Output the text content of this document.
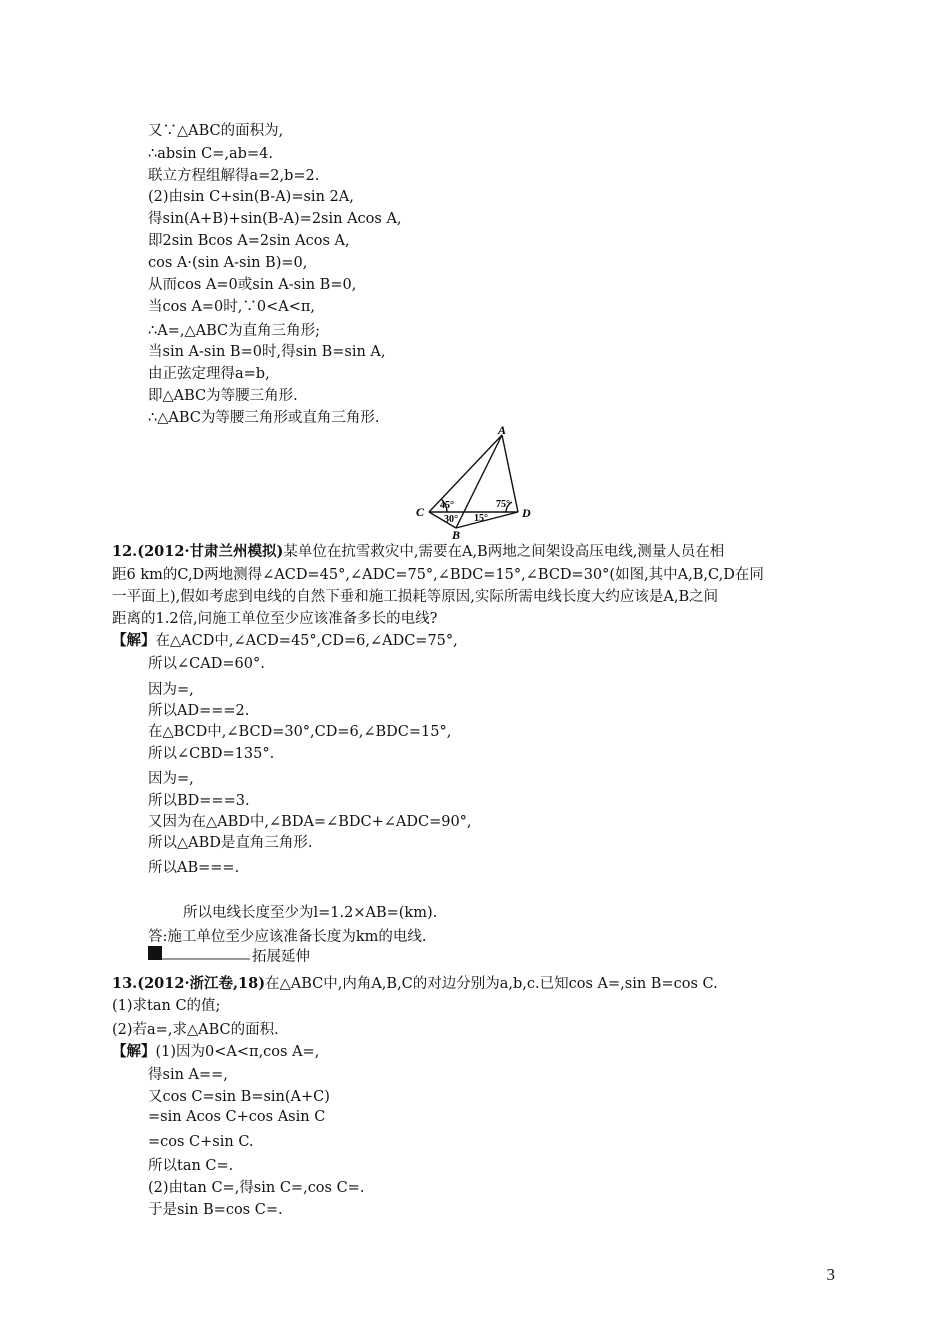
又∵△ABC的面积为,
∴absin C=,ab=4.
联立方程组解得a=2,b=2.
(2)由sin C+sin(B-A)=sin 2A,
得sin(A+B)+sin(B-A)=2sin Acos A,
即2sin Bcos A=2sin Acos A,
cos A·(sin A-sin B)=0,
从而cos A=0或sin A-sin B=0,
当cos A=0时,∵0<A<π,
∴A=,△ABC为直角三角形;
当sin A-sin B=0时,得sin B=sin A,
由正弦定理得a=b,
即△ABC为等腰三角形.
∴△ABC为等腰三角形或直角三角形.
A
B
C	D
45°
30° 15°
75°
12.(2012·甘肃兰州模拟)某单位在抗雪救灾中,需要在A,B两地之间架设高压电线,测量人员在相
距6 km的C,D两地测得∠ACD=45°,∠ADC=75°,∠BDC=15°,∠BCD=30°(如图,其中A,B,C,D在同
一平面上),假如考虑到电线的自然下垂和施工损耗等原因,实际所需电线长度大约应该是A,B之间
距离的1.2倍,问施工单位至少应该准备多长的电线?
【解】在△ACD中,∠ACD=45°,CD=6,∠ADC=75°,
所以∠CAD=60°.
因为=,
所以AD===2.
在△BCD中,∠BCD=30°,CD=6,∠BDC=15°,
所以∠CBD=135°.
因为=,
所以BD===3.
又因为在△ABD中,∠BDA=∠BDC+∠ADC=90°,
所以△ABD是直角三角形.
所以AB===.
所以电线长度至少为l=1.2×AB=(km).
答:施工单位至少应该准备长度为km的电线.
拓展延伸
13.(2012·浙江卷,18)在△ABC中,内角A,B,C的对边分别为a,b,c.已知cos A=,sin B=cos C.
(1)求tan C的值;
(2)若a=,求△ABC的面积.
【解】(1)因为0<A<π,cos A=,
得sin A==,
又cos C=sin B=sin(A+C)
=sin Acos C+cos Asin C
=cos C+sin C.
所以tan C=.
(2)由tan C=,得sin C=,cos C=.
于是sin B=cos C=.
3
